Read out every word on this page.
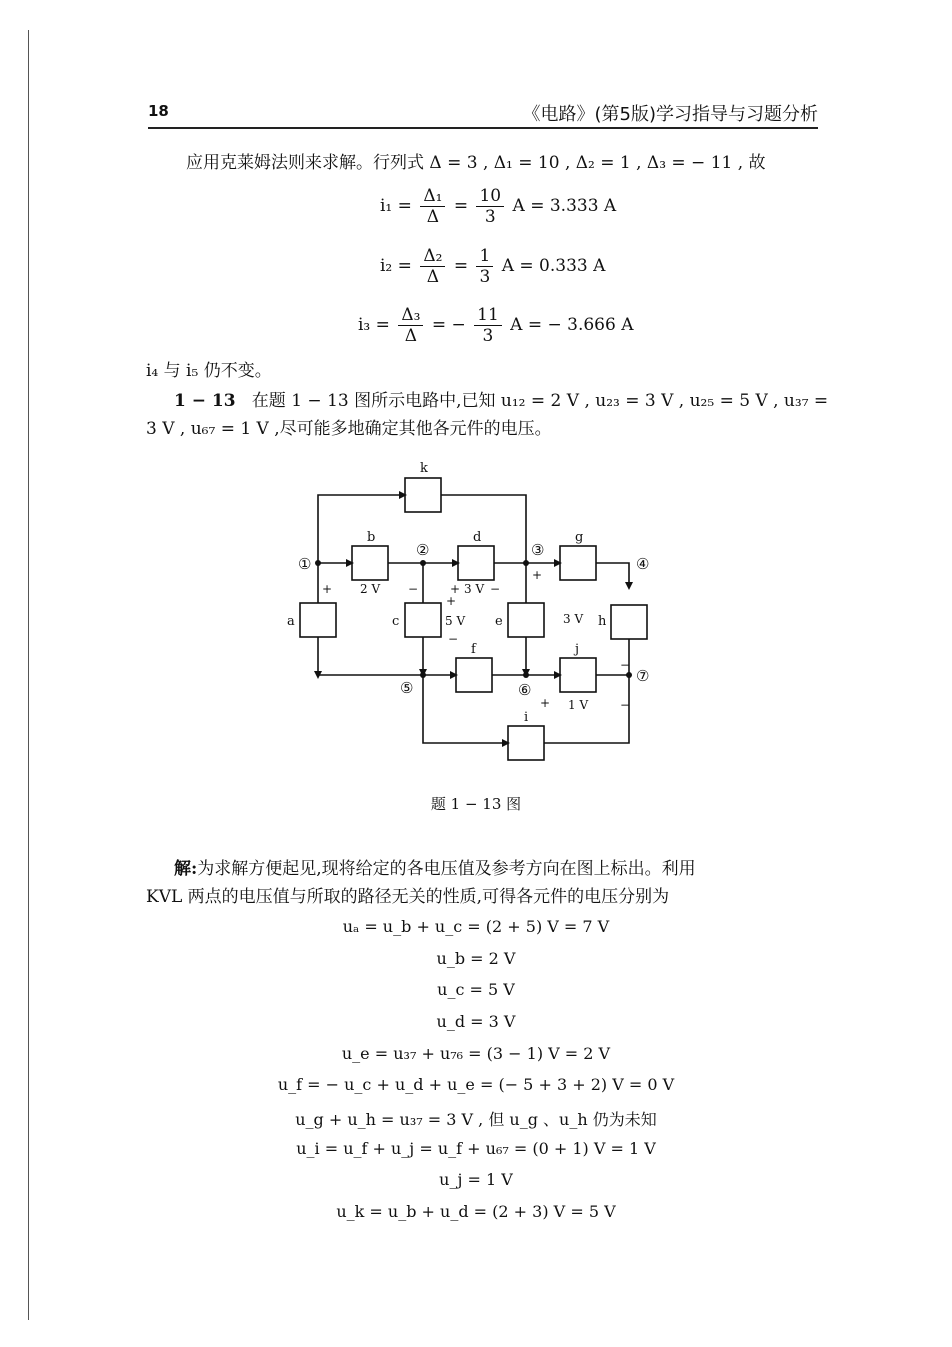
18	《电路》(第5版)学习指导与习题分析
应用克莱姆法则来求解。行列式 Δ = 3 , Δ₁ = 10 , Δ₂ = 1 , Δ₃ = − 11 , 故
$i_1 = \frac{\text{Δ₁}}{\Delta} = \frac{10}{3}$ A = 3.333 A
$i_2 = \frac{\text{Δ₂}}{\Delta} = \frac{1}{3}$ A = 0.333 A
$i_3 = \frac{\text{Δ₃}}{\Delta}$ = − $\frac{11}{3}$ A = − 3.666 A
i₄ 与 i₅ 仍不变。
1 − 13 在题 1 − 13 图所示电路中,已知 u₁₂ = 2 V , u₂₃ = 3 V , u₂₅ = 5 V , u₃₇ =
3 V , u₆₇ = 1 V ,尽可能多地确定其他各元件的电压。
k
b	d	g
a	c	e	h
f	j
i
①
②	③
④
⑤	⑥
⑦
+ 2 V −	+ 3 V −
+
+
5 V
−
3 V
−
+ 1 V	−
题 1 − 13 图
解:为求解方便起见,现将给定的各电压值及参考方向在图上标出。利用
KVL 两点的电压值与所取的路径无关的性质,可得各元件的电压分别为
uₐ = u_b + u_c = (2 + 5) V = 7 V
u_b = 2 V
u_c = 5 V
u_d = 3 V
u_e = u₃₇ + u₇₆ = (3 − 1) V = 2 V
u_f = − u_c + u_d + u_e = (− 5 + 3 + 2) V = 0 V
u_g + u_h = u₃₇ = 3 V , 但 u_g 、u_h 仍为未知
u_i = u_f + u_j = u_f + u₆₇ = (0 + 1) V = 1 V
u_j = 1 V
u_k = u_b + u_d = (2 + 3) V = 5 V
